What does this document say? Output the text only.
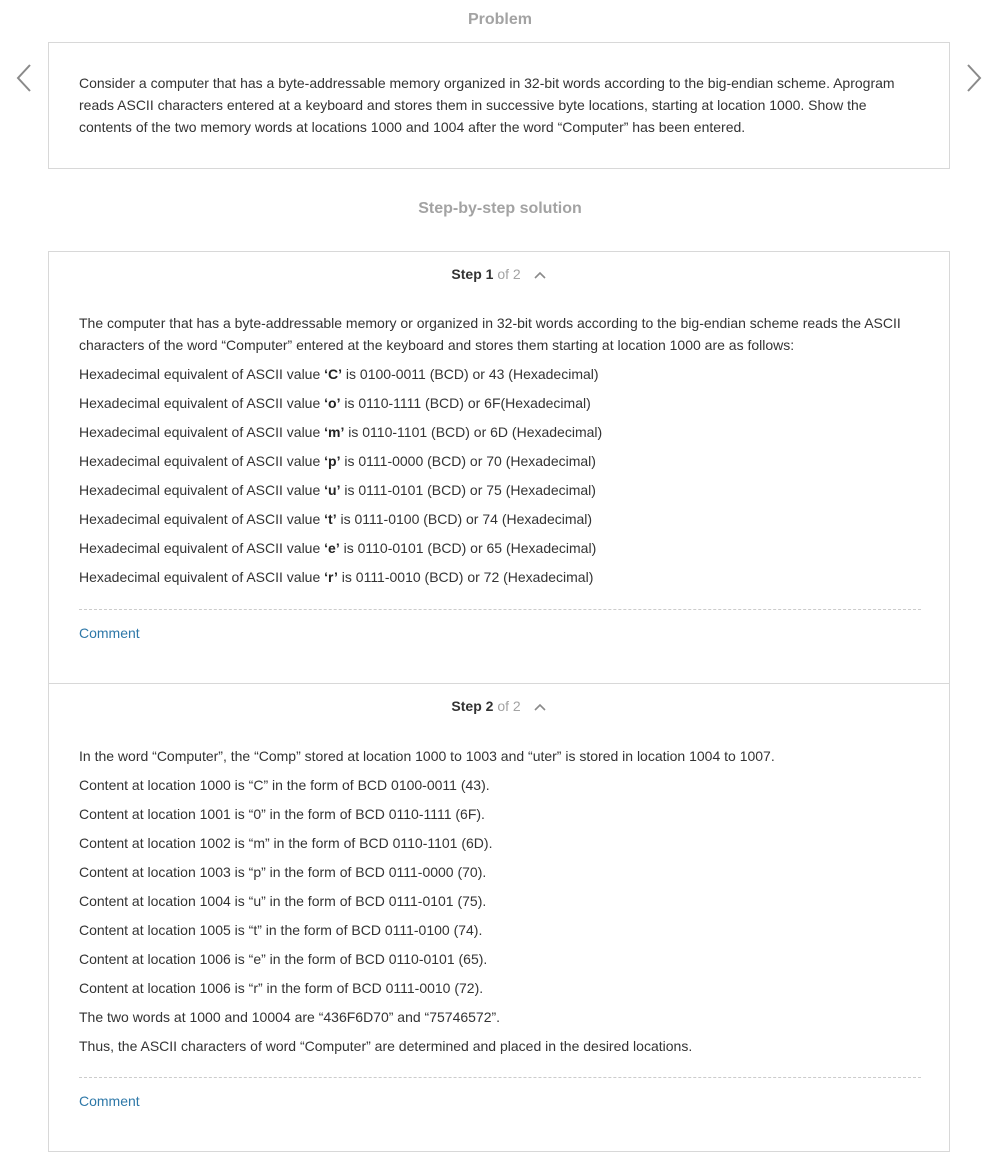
Problem

Consider a computer that has a byte-addressable memory organized in 32-bit words according to the big-endian scheme. Aprogram reads ASCII characters entered at a keyboard and stores them in successive byte locations, starting at location 1000. Show the contents of the two memory words at locations 1000 and 1004 after the word “Computer” has been entered.

Step-by-step solution
Step 1 of 2

The computer that has a byte-addressable memory or organized in 32-bit words according to the big-endian scheme reads the ASCII characters of the word “Computer” entered at the keyboard and stores them starting at location 1000 are as follows:

Hexadecimal equivalent of ASCII value ‘C’ is 0100-0011 (BCD) or 43 (Hexadecimal)

Hexadecimal equivalent of ASCII value ‘o’ is 0110-1111 (BCD) or 6F(Hexadecimal)

Hexadecimal equivalent of ASCII value ‘m’ is 0110-1101 (BCD) or 6D (Hexadecimal)

Hexadecimal equivalent of ASCII value ‘p’ is 0111-0000 (BCD) or 70 (Hexadecimal)

Hexadecimal equivalent of ASCII value ‘u’ is 0111-0101 (BCD) or 75 (Hexadecimal)

Hexadecimal equivalent of ASCII value ‘t’ is 0111-0100 (BCD) or 74 (Hexadecimal)

Hexadecimal equivalent of ASCII value ‘e’ is 0110-0101 (BCD) or 65 (Hexadecimal)

Hexadecimal equivalent of ASCII value ‘r’ is 0111-0010 (BCD) or 72 (Hexadecimal)

Comment
Step 2 of 2

In the word “Computer”, the “Comp” stored at location 1000 to 1003 and “uter” is stored in location 1004 to 1007.

Content at location 1000 is “C” in the form of BCD 0100-0011 (43).

Content at location 1001 is “0” in the form of BCD 0110-1111 (6F).

Content at location 1002 is “m” in the form of BCD 0110-1101 (6D).

Content at location 1003 is “p” in the form of BCD 0111-0000 (70).

Content at location 1004 is “u” in the form of BCD 0111-0101 (75).

Content at location 1005 is “t” in the form of BCD 0111-0100 (74).

Content at location 1006 is “e” in the form of BCD 0110-0101 (65).

Content at location 1006 is “r” in the form of BCD 0111-0010 (72).

The two words at 1000 and 10004 are “436F6D70” and “75746572”.

Thus, the ASCII characters of word “Computer” are determined and placed in the desired locations.

Comment
